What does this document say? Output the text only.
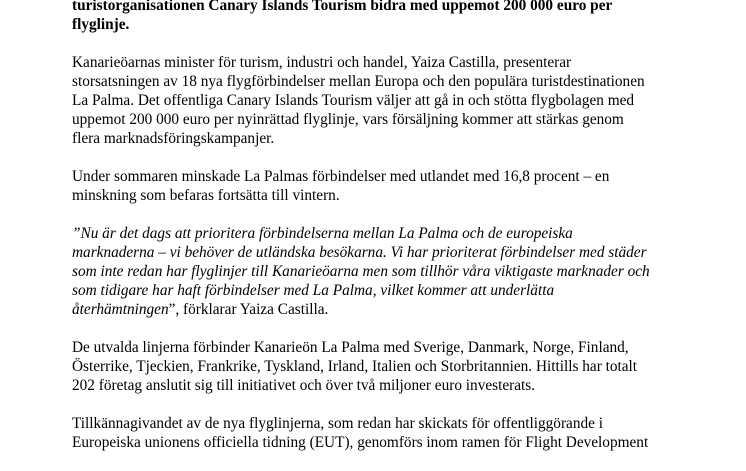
turistorganisationen Canary Islands Tourism bidra med uppemot 200 000 euro per
flyglinje.

Kanarieöarnas minister för turism, industri och handel, Yaiza Castilla, presenterar
storsatsningen av 18 nya flygförbindelser mellan Europa och den populära turistdestinationen
La Palma. Det offentliga Canary Islands Tourism väljer att gå in och stötta flygbolagen med
uppemot 200 000 euro per nyinrättad flyglinje, vars försäljning kommer att stärkas genom
flera marknadsföringskampanjer.

Under sommaren minskade La Palmas förbindelser med utlandet med 16,8 procent – en
minskning som befaras fortsätta till vintern.

”Nu är det dags att prioritera förbindelserna mellan La Palma och de europeiska
marknaderna – vi behöver de utländska besökarna. Vi har prioriterat förbindelser med städer
som inte redan har flyglinjer till Kanarieöarna men som tillhör våra viktigaste marknader och
som tidigare har haft förbindelser med La Palma, vilket kommer att underlätta
återhämtningen”, förklarar Yaiza Castilla.

De utvalda linjerna förbinder Kanarieön La Palma med Sverige, Danmark, Norge, Finland,
Österrike, Tjeckien, Frankrike, Tyskland, Irland, Italien och Storbritannien. Hittills har totalt
202 företag anslutit sig till initiativet och över två miljoner euro investerats.

Tillkännagivandet av de nya flyglinjerna, som redan har skickats för offentliggörande i
Europeiska unionens officiella tidning (EUT), genomförs inom ramen för Flight Development
